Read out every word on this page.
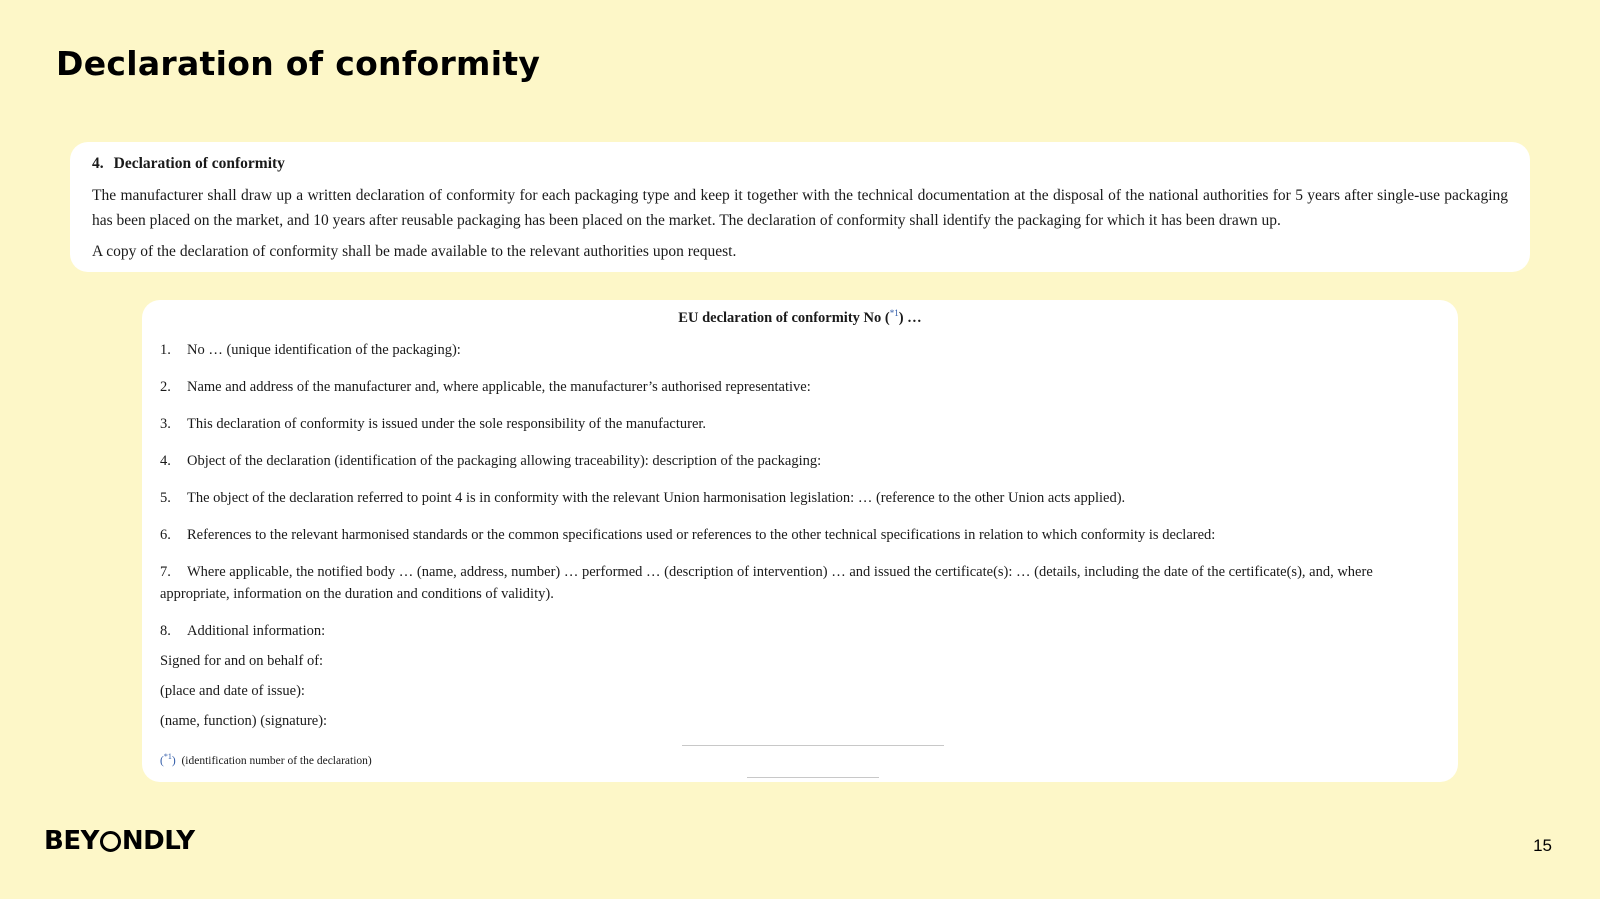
Declaration of conformity
4. Declaration of conformity

The manufacturer shall draw up a written declaration of conformity for each packaging type and keep it together with the technical documentation at the disposal of the national authorities for 5 years after single-use packaging has been placed on the market, and 10 years after reusable packaging has been placed on the market. The declaration of conformity shall identify the packaging for which it has been drawn up.

A copy of the declaration of conformity shall be made available to the relevant authorities upon request.

EU declaration of conformity No ($^{*1}$) …
1. No … (unique identification of the packaging):
2. Name and address of the manufacturer and, where applicable, the manufacturer’s authorised representative:
3. This declaration of conformity is issued under the sole responsibility of the manufacturer.
4. Object of the declaration (identification of the packaging allowing traceability): description of the packaging:
5. The object of the declaration referred to point 4 is in conformity with the relevant Union harmonisation legislation: … (reference to the other Union acts applied).
6. References to the relevant harmonised standards or the common specifications used or references to the other technical specifications in relation to which conformity is declared:
7. Where applicable, the notified body … (name, address, number) … performed … (description of intervention) … and issued the certificate(s): … (details, including the date of the certificate(s), and, where appropriate, information on the duration and conditions of validity).
8. Additional information:
Signed for and on behalf of:
(place and date of issue):
(name, function) (signature):
($^{*1}$) (identification number of the declaration)
BEY NDLY	15
